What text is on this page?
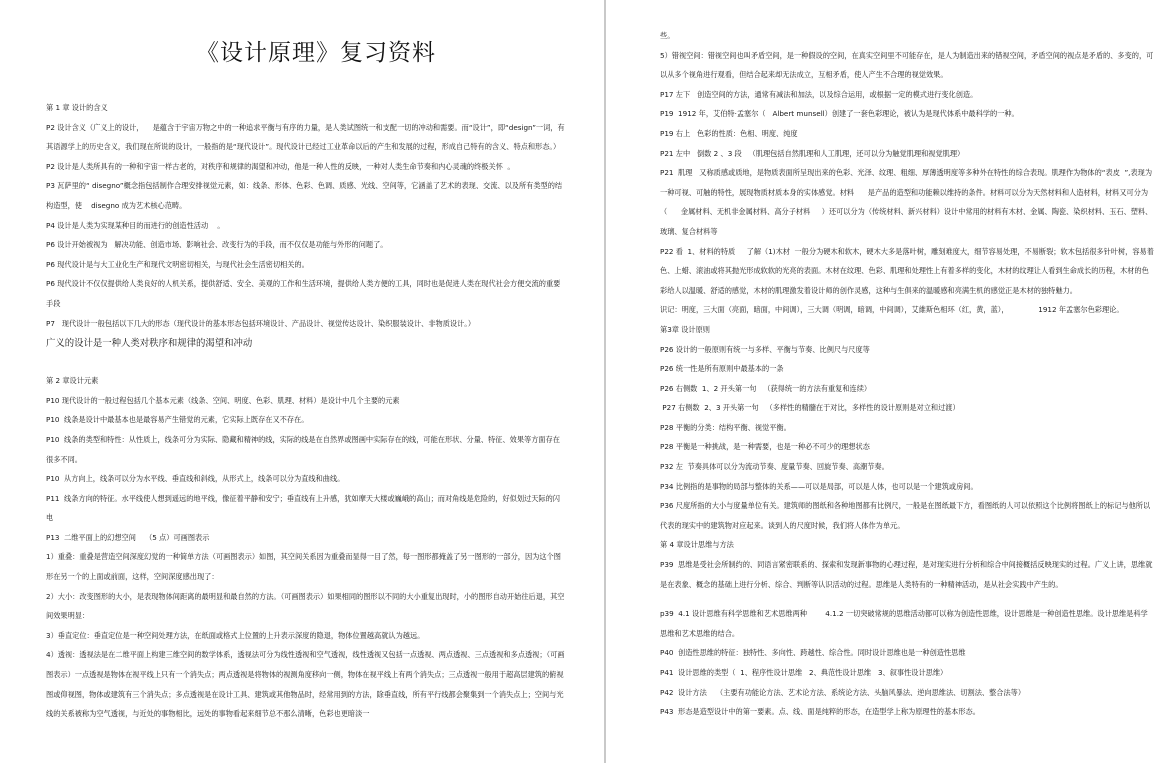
《设计原理》复习资料

第 1 章 设计的含义

P2 设计含义（广义上的设计，    是蕴含于宇宙万物之中的一种追求平衡与有序的力量，是人类试图统一和支配一切的冲动和需要。而“设计”，即“design”一词，有其语源学上的历史含义，我们现在所说的设计，一般指的是“现代设计”。现代设计已经过工业革命以后的产生和发展的过程，形成自己特有的含义、特点和形态。）

P2 设计是人类所具有的一种和宇宙一样古老的，对秩序和规律的渴望和冲动，他是一种人性的反映，一种对人类生命节奏和内心灵魂的终极关怀  。

P3 瓦萨里的“ disegno”概念指包括制作合理安排视觉元素，如：线条、形体、色彩、色调、质感、光线、空间等，它涵盖了艺术的表现、交流、以及所有类型的结构造型，使    disegno 成为艺术核心范畴。

P4 设计是人类为实现某种目的而进行的创造性活动    。

P6 设计开始被视为   解决功能、创造市场、影响社会、改变行为的手段，而不仅仅是功能与外形的问题了。

P6 现代设计是与大工业化生产和现代文明密切相关，与现代社会生活密切相关的。

P6 现代设计不仅仅提供给人类良好的人机关系，提供舒适、安全、美观的工作和生活环境，提供给人类方便的工具，同时也是促进人类在现代社会方便交流的重要手段

P7   现代设计一般包括以下几大的形态（现代设计的基本形态包括环境设计、产品设计、视觉传达设计、染织服装设计、非物质设计。）

广义的设计是一种人类对秩序和规律的渴望和冲动

第 2 章设计元素

P10 现代设计的一般过程包括几个基本元素（线条、空间、明度、色彩、肌理、材料）是设计中几个主要的元素

P10  线条是设计中最基本也是最容易产生错觉的元素，它实际上既存在又不存在。

P10  线条的类型和特性：从性质上，线条可分为实际、隐藏和精神的线，实际的线是在自然界或图画中实际存在的线，可能在形状、分量、特征、效果等方面存在很多不同。

P10  从方向上，线条可以分为水平线、垂直线和斜线，从形式上，线条可以分为直线和曲线。

P11  线条方向的特征。水平线使人想到遥远的地平线，像征着平静和安宁；垂直线有上升感，犹如摩天大楼或巍峨的高山；而对角线是危险的，好似划过天际的闪电

P13  二维平面上的幻想空间    （5 点）可画图表示

1）重叠：重叠是营造空间深度幻觉的一种简单方法（可画图表示）如图，其空间关系因为重叠而显得一目了然，每一图形都掩盖了另一图形的一部分，因为这个图形在另一个的上面或前面，这样，空间深度感出现了：

2）大小：改变图形的大小，是表现物体间距离的最明显和最自然的方法。（可画图表示）如果相同的图形以不同的大小重复出现时，小的图形自动开始往后退，其空间效果明显：

3）垂直定位：垂直定位是一种空间处理方法，在纸面或格式上位置的上升表示深度的隐退，物体位置越高就认为越远。

4）透视：透视法是在二维平面上构建三维空间的数学体系，透视法可分为线性透视和空气透视，线性透视又包括一点透视、两点透视、三点透视和多点透视；（可画图表示）一点透视是物体在视平线上只有一个消失点；两点透视是将物体的视测角度移向一侧，物体在视平线上有两个消失点；三点透视一般用于超高层建筑的俯视图或仰视图，物体或建筑有三个消失点；多点透视是在设计工具、建筑或其他物品时，经常用到的方法，除垂直线，所有平行线都会聚集到一个消失点上；空间与光线的关系被称为空气透视，与近处的事物相比，远处的事物看起来细节总不那么清晰，色彩也更暗淡一

些。

5）错视空间：错视空间也叫矛盾空间，是一种假设的空间，在真实空间里不可能存在，是人为制造出来的错视空间，矛盾空间的视点是矛盾的、多变的，可以从多个视角进行观看，但结合起来却无法成立，互相矛盾，使人产生不合理的视觉效果。

P17 左下   创造空间的方法，通常有减法和加法，以及综合运用，或根据一定的模式进行变化创造。

P19  1912 年，艾伯特·孟塞尔（   Albert munsell）创建了一套色彩理论，被认为是现代体系中最科学的一种。

P19 右上   色彩的性质：色相、明度、纯度

P21 左中   倒数 2 、3 段   （肌理包括自然肌理和人工肌理，还可以分为触觉肌理和视觉肌理）

P21  肌理   又称质感或质地，是物质表面所呈现出来的色彩、光泽、纹理、粗细、厚薄透明度等多种外在特性的综合表现。肌理作为物体的“表皮  ”,表现为一种可视、可触的特性，展现物质材质本身的实体感觉。材料      是产品的造型和功能赖以维持的条件。材料可以分为天然材料和人造材料，材料又可分为（      金属材料、无机非金属材料、高分子材料     ）还可以分为（传统材料、新兴材料）设计中常用的材料有木材、金属、陶瓷、染织材料、玉石、塑料、玻璃、复合材料等

P22 看  1、材料的特质     了解（1)木材  一般分为硬木和软木，硬木大多是落叶树，雕刻难度大，细节容易处理，不易断裂；软木包括很多针叶树，容易着色、上蜡、滚油或将其抛光形成软软的光亮的表面。木材在纹理、色彩、肌理和处理性上有着多样的变化，木材的纹理让人看到生命成长的历程，木材的色彩给人以温暖、舒适的感觉，木材的肌理激发着设计师的创作灵感，这种与生俱来的温暖感和亮满生机的感觉正是木材的独特魅力。

识记：明度，三大面（亮面，暗面，中间调），三大调（明调，暗调，中间调），艾維斯色相环（红，黄，蓝），             1912 年孟塞尔色彩理论。

第3章 设计原则

P26 设计的一般原则有统一与多样、平衡与节奏、比例尺与尺度等

P26 统一性是所有原则中最基本的一条

P26 右侧数  1、2 开头第一句   （获得统一的方法有重复和连续）

P27 右侧数  2、3 开头第一句   （多样性的精髓在于对比，多样性的设计原则是对立和过渡）

P28 平衡的分类：结构平衡、视觉平衡。

P28 平衡是一种挑战，是一种需要，也是一种必不可少的理想状态

P32 左  节奏具体可以分为流动节奏、度量节奏、回旋节奏、高潮节奏。

P34 比例指的是事物的局部与整体的关系——可以是局部，可以是人体，也可以是一个建筑或房间。

P36 尺度所指的大小与度量单位有关。建筑师的图纸和各种地图都有比例尺，一般是在图纸最下方，看图纸的人可以依照这个比例将图纸上的标记与他所以代表的现实中的建筑物对应起来。谈到人的尺度时候，我们将人体作为单元。

第 4 章设计思维与方法

P39  思维是受社会所制约的、同语言紧密联系的、探索和发现新事物的心理过程，是对现实进行分析和综合中间接概括反映现实的过程。广义上讲，思维就是在表象、概念的基础上进行分析、综合、判断等认识活动的过程。思维是人类特有的一种精神活动，是从社会实践中产生的。

p39  4.1 设计思维有科学思维和艺术思维两种        4.1.2 一切突破常规的思维活动都可以称为创造性思维，设计思维是一种创造性思维。设计思维是科学思维和艺术思维的结合。

P40  创造性思维的特征：独特性、多向性、跨越性、综合性。同时设计思维也是一种创造性思维

P41  设计思维的类型（  1、程序性设计思维   2、典范性设计思维   3、叙事性设计思维）

P42  设计方法    （主要有功能论方法、艺术论方法、系统论方法、头脑风暴法、逆向思维法、切割法、整合法等）

P43  形态是造型设计中的第一要素。点、线、面是纯粹的形态，在造型学上称为原理性的基本形态。
